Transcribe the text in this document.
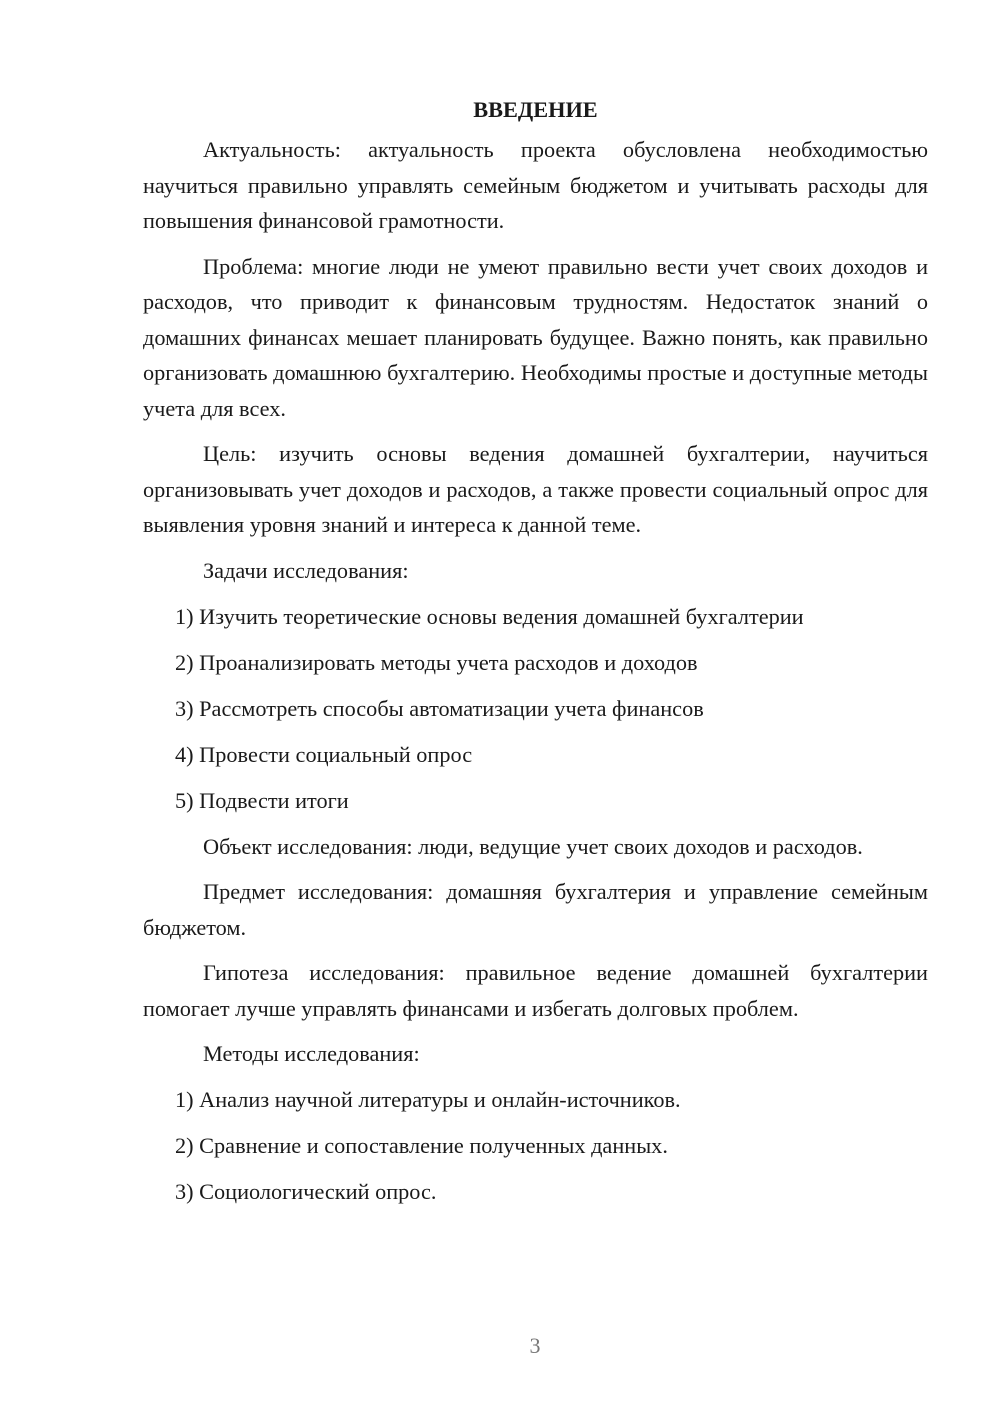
ВВЕДЕНИЕ

Актуальность: актуальность проекта обусловлена необходимостью научиться правильно управлять семейным бюджетом и учитывать расходы для повышения финансовой грамотности.

Проблема: многие люди не умеют правильно вести учет своих доходов и расходов, что приводит к финансовым трудностям. Недостаток знаний о домашних финансах мешает планировать будущее. Важно понять, как правильно организовать домашнюю бухгалтерию. Необходимы простые и доступные методы учета для всех.

Цель: изучить основы ведения домашней бухгалтерии, научиться организовывать учет доходов и расходов, а также провести социальный опрос для выявления уровня знаний и интереса к данной теме.

Задачи исследования:
1) Изучить теоретические основы ведения домашней бухгалтерии
2) Проанализировать методы учета расходов и доходов
3) Рассмотреть способы автоматизации учета финансов
4) Провести социальный опрос
5) Подвести итоги

Объект исследования: люди, ведущие учет своих доходов и расходов.

Предмет исследования: домашняя бухгалтерия и управление семейным бюджетом.

Гипотеза исследования: правильное ведение домашней бухгалтерии помогает лучше управлять финансами и избегать долговых проблем.

Методы исследования:
1) Анализ научной литературы и онлайн-источников.
2) Сравнение и сопоставление полученных данных.
3) Социологический опрос.
3
